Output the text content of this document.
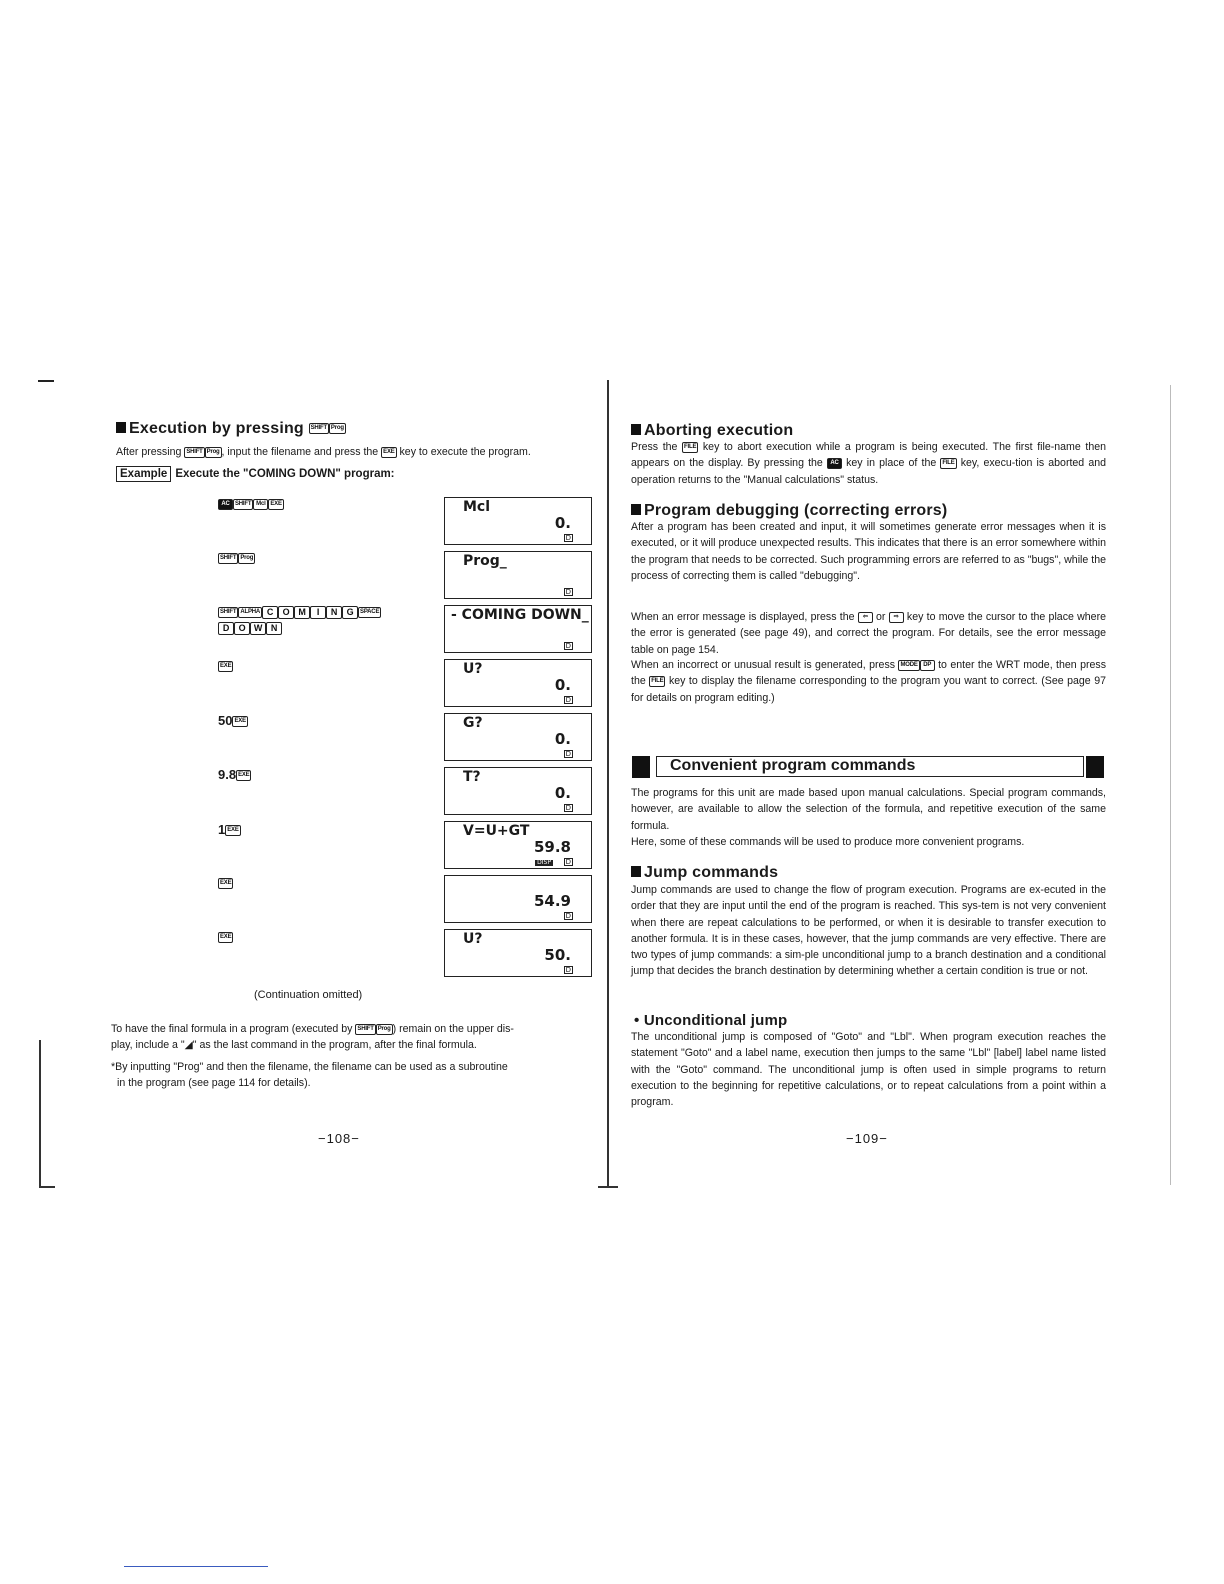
Execution by pressing SHIFT Prog
After pressing SHIFT Prog , input the filename and press the EXE key to execute the program.
Example Execute the "COMING DOWN" program:
AC SHIFT Mcl EXE	Mcl
0.
D
SHIFT Prog	Prog_
D
SHIFT ALPHA C O M I N G SPACE
D O W N
- COMING DOWN_
D
EXE	U?
0.
D
50 EXE	G?
0.
D
9.8 EXE	T?
0.
D
1 EXE	V=U+GT
59.8
DISP D
EXE
54.9
D
EXE	U?
50.
D
(Continuation omitted)
To have the final formula in a program (executed by SHIFT Prog ) remain on the upper dis-
play, include a "◢" as the last command in the program, after the final formula.
*By inputting "Prog" and then the filename, the filename can be used as a subroutine
in the program (see page 114 for details).
−108−
Aborting execution
Press the FILE key to abort execution while a program is being executed. The first file-name then appears on the display. By pressing the AC key in place of the FILE key, execu-tion is aborted and operation returns to the "Manual calculations" status.
Program debugging (correcting errors)
After a program has been created and input, it will sometimes generate error messages when it is executed, or it will produce unexpected results. This indicates that there is an error somewhere within the program that needs to be corrected. Such programming errors are referred to as "bugs", while the process of correcting them is called "debugging".
When an error message is displayed, press the ⇦ or ⇨ key to move the cursor to the place where the error is generated (see page 49), and correct the program. For details, see the error message table on page 154.
When an incorrect or unusual result is generated, press MODE DP to enter the WRT mode, then press the FILE key to display the filename corresponding to the program you want to correct. (See page 97 for details on program editing.)
Convenient program commands
The programs for this unit are made based upon manual calculations. Special program commands, however, are available to allow the selection of the formula, and repetitive execution of the same formula.
Here, some of these commands will be used to produce more convenient programs.
Jump commands
Jump commands are used to change the flow of program execution. Programs are ex-ecuted in the order that they are input until the end of the program is reached. This sys-tem is not very convenient when there are repeat calculations to be performed, or when it is desirable to transfer execution to another formula. It is in these cases, however, that the jump commands are very effective. There are two types of jump commands: a sim-ple unconditional jump to a branch destination and a conditional jump that decides the branch destination by determining whether a certain condition is true or not.
• Unconditional jump
The unconditional jump is composed of "Goto" and "Lbl". When program execution reaches the statement "Goto" and a label name, execution then jumps to the same "Lbl" [label] label name listed with the "Goto" command. The unconditional jump is often used in simple programs to return execution to the beginning for repetitive calculations, or to repeat calculations from a point within a program.
−109−
